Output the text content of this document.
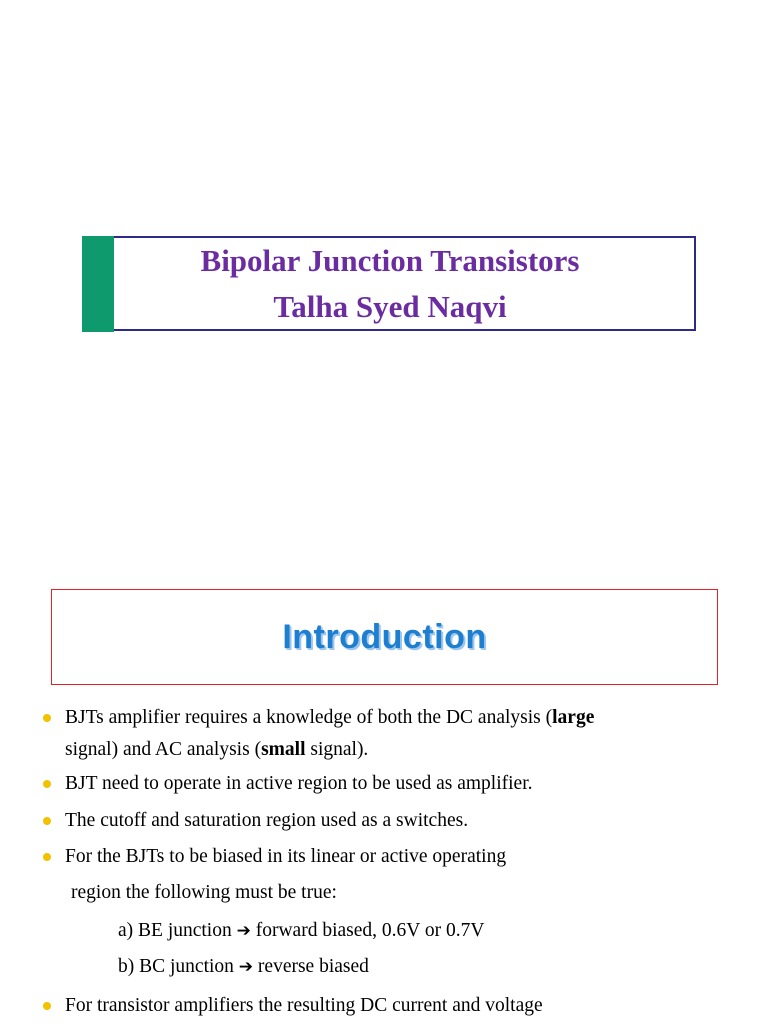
Bipolar Junction Transistors
Talha Syed Naqvi
Introduction
BJTs amplifier requires a knowledge of both the DC analysis (large
signal) and AC analysis (small signal).
BJT need to operate in active region to be used as amplifier.
The cutoff and saturation region used as a switches.
For the BJTs to be biased in its linear or active operating
region the following must be true:
a) BE junction ➔ forward biased, 0.6V or 0.7V
b) BC junction ➔ reverse biased
For transistor amplifiers the resulting DC current and voltage
